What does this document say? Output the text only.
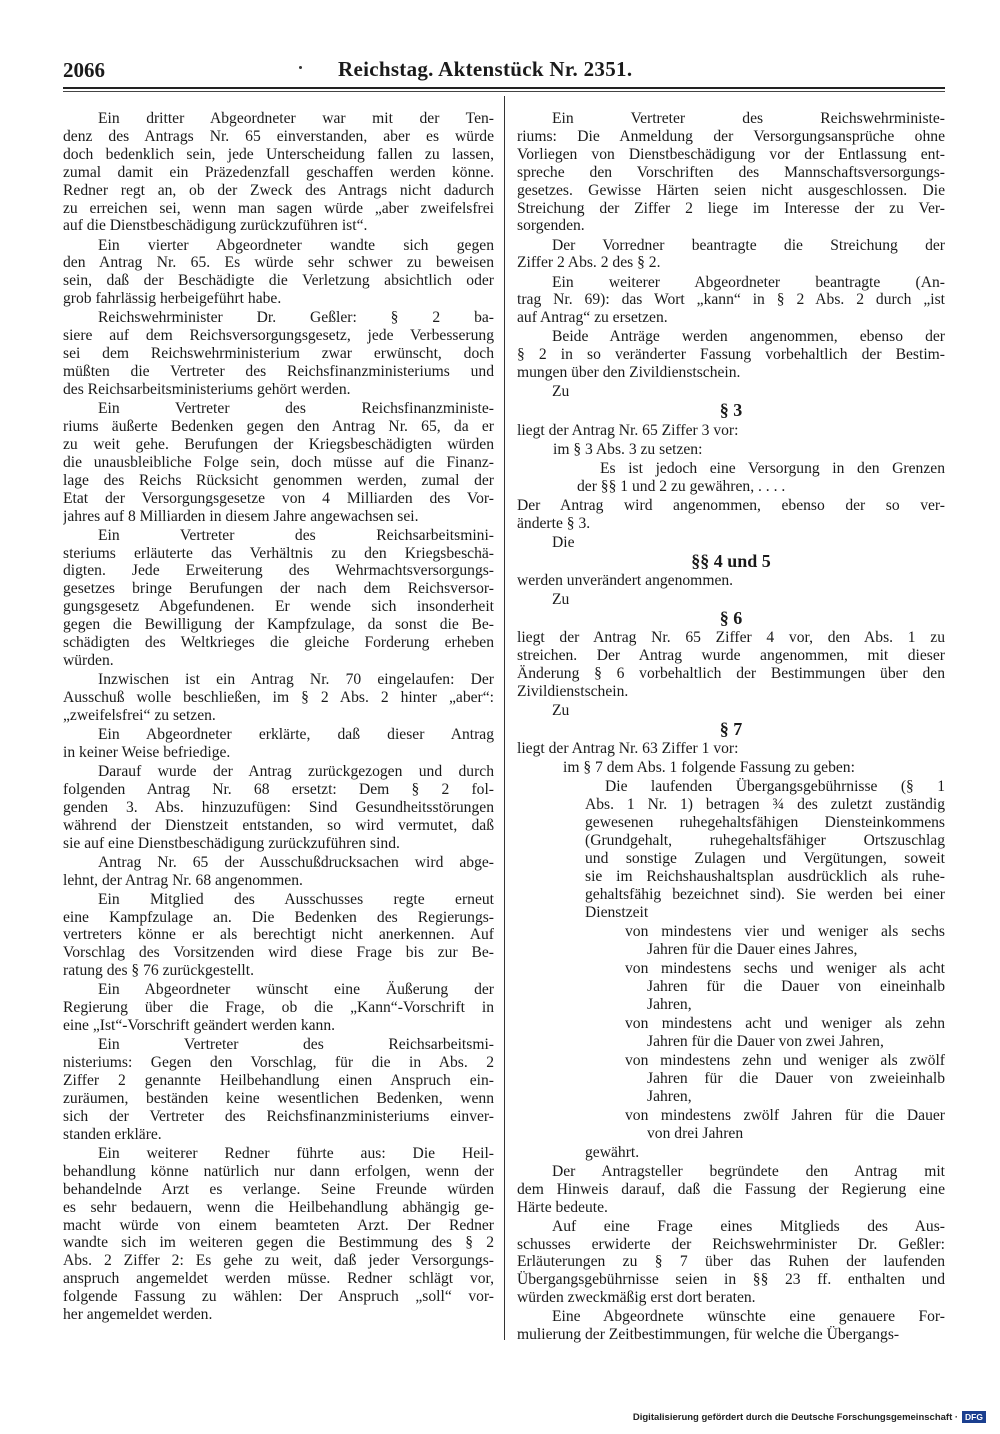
2066	Reichstag. Aktenstück Nr. 2351.
Ein dritter Abgeordneter war mit der Ten-
denz des Antrags Nr. 65 einverstanden, aber es würde
doch bedenklich sein, jede Unterscheidung fallen zu lassen,
zumal damit ein Präzedenzfall geschaffen werden könne.
Redner regt an, ob der Zweck des Antrags nicht dadurch
zu erreichen sei, wenn man sagen würde „aber zweifelsfrei
auf die Dienstbeschädigung zurückzuführen ist“.
Ein vierter Abgeordneter wandte sich gegen
den Antrag Nr. 65. Es würde sehr schwer zu beweisen
sein, daß der Beschädigte die Verletzung absichtlich oder
grob fahrlässig herbeigeführt habe.
Reichswehrminister Dr. Geßler: § 2 ba-
siere auf dem Reichsversorgungsgesetz, jede Verbesserung
sei dem Reichswehrministerium zwar erwünscht, doch
müßten die Vertreter des Reichsfinanzministeriums und
des Reichsarbeitsministeriums gehört werden.
Ein Vertreter des Reichsfinanzministe-
riums äußerte Bedenken gegen den Antrag Nr. 65, da er
zu weit gehe. Berufungen der Kriegsbeschädigten würden
die unausbleibliche Folge sein, doch müsse auf die Finanz-
lage des Reichs Rücksicht genommen werden, zumal der
Etat der Versorgungsgesetze von 4 Milliarden des Vor-
jahres auf 8 Milliarden in diesem Jahre angewachsen sei.
Ein Vertreter des Reichsarbeitsmini-
steriums erläuterte das Verhältnis zu den Kriegsbeschä-
digten. Jede Erweiterung des Wehrmachtsversorgungs-
gesetzes bringe Berufungen der nach dem Reichsversor-
gungsgesetz Abgefundenen. Er wende sich insonderheit
gegen die Bewilligung der Kampfzulage, da sonst die Be-
schädigten des Weltkrieges die gleiche Forderung erheben
würden.
Inzwischen ist ein Antrag Nr. 70 eingelaufen: Der
Ausschuß wolle beschließen, im § 2 Abs. 2 hinter „aber“:
„zweifelsfrei“ zu setzen.
Ein Abgeordneter erklärte, daß dieser Antrag
in keiner Weise befriedige.
Darauf wurde der Antrag zurückgezogen und durch
folgenden Antrag Nr. 68 ersetzt: Dem § 2 fol-
genden 3. Abs. hinzuzufügen: Sind Gesundheitsstörungen
während der Dienstzeit entstanden, so wird vermutet, daß
sie auf eine Dienstbeschädigung zurückzuführen sind.
Antrag Nr. 65 der Ausschußdrucksachen wird abge-
lehnt, der Antrag Nr. 68 angenommen.
Ein Mitglied des Ausschusses regte erneut
eine Kampfzulage an. Die Bedenken des Regierungs-
vertreters könne er als berechtigt nicht anerkennen. Auf
Vorschlag des Vorsitzenden wird diese Frage bis zur Be-
ratung des § 76 zurückgestellt.
Ein Abgeordneter wünscht eine Äußerung der
Regierung über die Frage, ob die „Kann“-Vorschrift in
eine „Ist“-Vorschrift geändert werden kann.
Ein Vertreter des Reichsarbeitsmi-
nisteriums: Gegen den Vorschlag, für die in Abs. 2
Ziffer 2 genannte Heilbehandlung einen Anspruch ein-
zuräumen, beständen keine wesentlichen Bedenken, wenn
sich der Vertreter des Reichsfinanzministeriums einver-
standen erkläre.
Ein weiterer Redner führte aus: Die Heil-
behandlung könne natürlich nur dann erfolgen, wenn der
behandelnde Arzt es verlange. Seine Freunde würden
es sehr bedauern, wenn die Heilbehandlung abhängig ge-
macht würde von einem beamteten Arzt. Der Redner
wandte sich im weiteren gegen die Bestimmung des § 2
Abs. 2 Ziffer 2: Es gehe zu weit, daß jeder Versorgungs-
anspruch angemeldet werden müsse. Redner schlägt vor,
folgende Fassung zu wählen: Der Anspruch „soll“ vor-
her angemeldet werden.
Ein Vertreter des Reichswehrministe-
riums: Die Anmeldung der Versorgungsansprüche ohne
Vorliegen von Dienstbeschädigung vor der Entlassung ent-
spreche den Vorschriften des Mannschaftsversorgungs-
gesetzes. Gewisse Härten seien nicht ausgeschlossen. Die
Streichung der Ziffer 2 liege im Interesse der zu Ver-
sorgenden.
Der Vorredner beantragte die Streichung der
Ziffer 2 Abs. 2 des § 2.
Ein weiterer Abgeordneter beantragte (An-
trag Nr. 69): das Wort „kann“ in § 2 Abs. 2 durch „ist
auf Antrag“ zu ersetzen.
Beide Anträge werden angenommen, ebenso der
§ 2 in so veränderter Fassung vorbehaltlich der Bestim-
mungen über den Zivildienstschein.
Zu
§ 3
liegt der Antrag Nr. 65 Ziffer 3 vor:
im § 3 Abs. 3 zu setzen:
Es ist jedoch eine Versorgung in den Grenzen
der §§ 1 und 2 zu gewähren, . . . .
Der Antrag wird angenommen, ebenso der so ver-
änderte § 3.
Die
§§ 4 und 5
werden unverändert angenommen.
Zu
§ 6
liegt der Antrag Nr. 65 Ziffer 4 vor, den Abs. 1 zu
streichen. Der Antrag wurde angenommen, mit dieser
Änderung § 6 vorbehaltlich der Bestimmungen über den
Zivildienstschein.
Zu
§ 7
liegt der Antrag Nr. 63 Ziffer 1 vor:
im § 7 dem Abs. 1 folgende Fassung zu geben:
Die laufenden Übergangsgebührnisse (§ 1
Abs. 1 Nr. 1) betragen ¾ des zuletzt zuständig
gewesenen ruhegehaltsfähigen Diensteinkommens
(Grundgehalt, ruhegehaltsfähiger Ortszuschlag
und sonstige Zulagen und Vergütungen, soweit
sie im Reichshaushaltsplan ausdrücklich als ruhe-
gehaltsfähig bezeichnet sind). Sie werden bei einer
Dienstzeit
von mindestens vier und weniger als sechs
Jahren für die Dauer eines Jahres,
von mindestens sechs und weniger als acht
Jahren für die Dauer von eineinhalb
Jahren,
von mindestens acht und weniger als zehn
Jahren für die Dauer von zwei Jahren,
von mindestens zehn und weniger als zwölf
Jahren für die Dauer von zweieinhalb
Jahren,
von mindestens zwölf Jahren für die Dauer
von drei Jahren
gewährt.
Der Antragsteller begründete den Antrag mit
dem Hinweis darauf, daß die Fassung der Regierung eine
Härte bedeute.
Auf eine Frage eines Mitglieds des Aus-
schusses erwiderte der Reichswehrminister Dr. Geßler:
Erläuterungen zu § 7 über das Ruhen der laufenden
Übergangsgebührnisse seien in §§ 23 ff. enthalten und
würden zweckmäßig erst dort beraten.
Eine Abgeordnete wünschte eine genauere For-
mulierung der Zeitbestimmungen, für welche die Übergangs-
Digitalisierung gefördert durch die Deutsche Forschungsgemeinschaft · DFG
